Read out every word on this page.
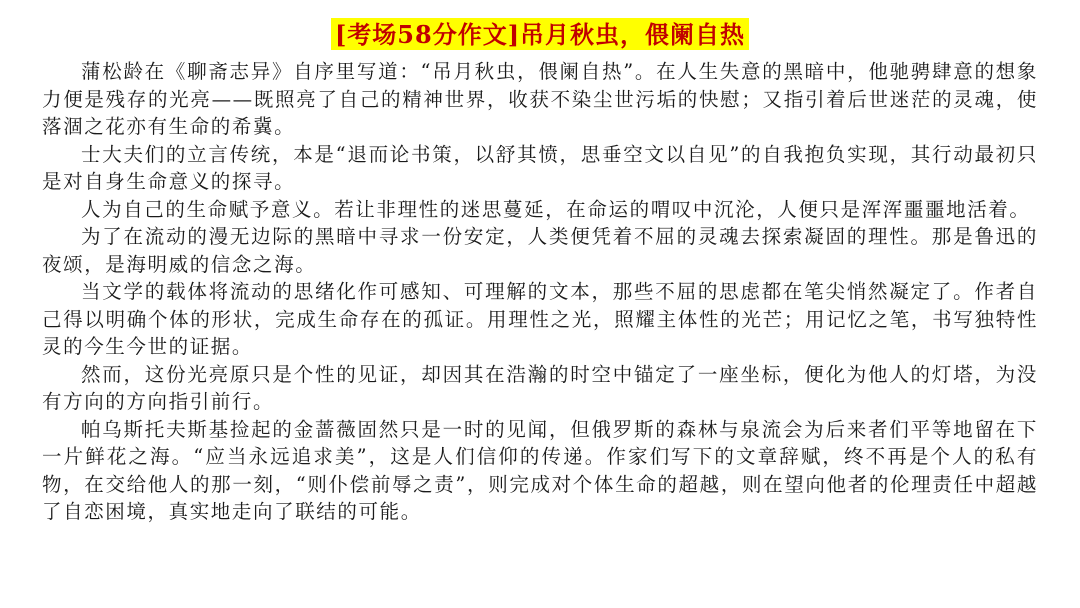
[考场58分作文]吊月秋虫，偎阑自热

蒲松龄在《聊斋志异》自序里写道：“吊月秋虫，偎阑自热”。在人生失意的黑暗中，他驰骋肆意的想象力便是残存的光亮——既照亮了自己的精神世界，收获不染尘世污垢的快慰；又指引着后世迷茫的灵魂，使落涸之花亦有生命的希冀。

士大夫们的立言传统，本是“退而论书策，以舒其愤，思垂空文以自见”的自我抱负实现，其行动最初只是对自身生命意义的探寻。

人为自己的生命赋予意义。若让非理性的迷思蔓延，在命运的喟叹中沉沦，人便只是浑浑噩噩地活着。

为了在流动的漫无边际的黑暗中寻求一份安定，人类便凭着不屈的灵魂去探索凝固的理性。那是鲁迅的夜颂，是海明威的信念之海。

当文学的载体将流动的思绪化作可感知、可理解的文本，那些不屈的思虑都在笔尖悄然凝定了。作者自己得以明确个体的形状，完成生命存在的孤证。用理性之光，照耀主体性的光芒；用记忆之笔，书写独特性灵的今生今世的证据。

然而，这份光亮原只是个性的见证，却因其在浩瀚的时空中锚定了一座坐标，便化为他人的灯塔，为没有方向的方向指引前行。

帕乌斯托夫斯基捡起的金蔷薇固然只是一时的见闻，但俄罗斯的森林与泉流会为后来者们平等地留在下一片鲜花之海。“应当永远追求美”，这是人们信仰的传递。作家们写下的文章辞赋，终不再是个人的私有物，在交给他人的那一刻，“则仆偿前辱之责”，则完成对个体生命的超越，则在望向他者的伦理责任中超越了自恋困境，真实地走向了联结的可能。
